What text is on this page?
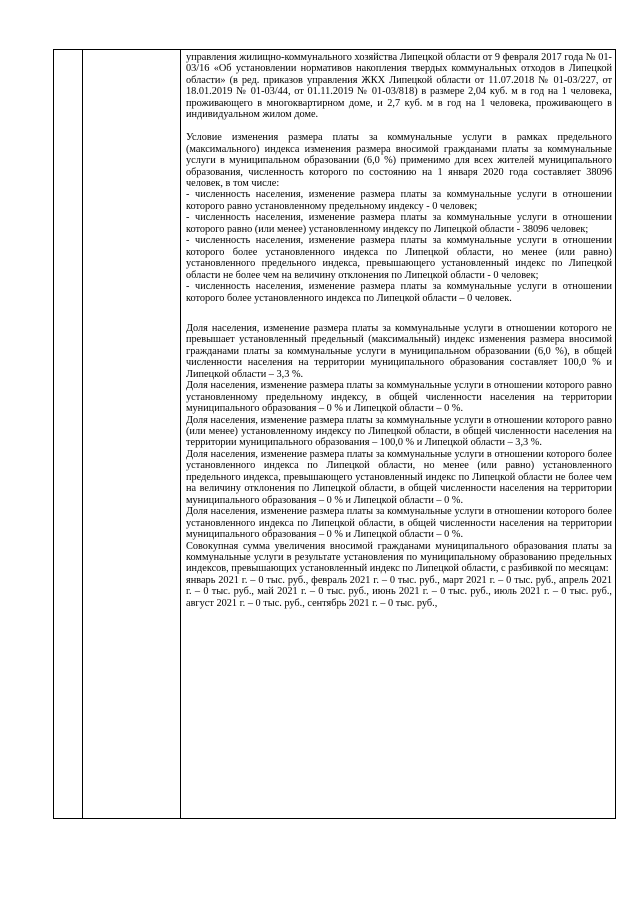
управления жилищно-коммунального хозяйства Липецкой области от 9 февраля 2017 года № 01-03/16 «Об установлении нормативов накопления твердых коммунальных отходов в Липецкой области» (в ред. приказов управления ЖКХ Липецкой области от 11.07.2018 № 01-03/227, от 18.01.2019 № 01-03/44, от 01.11.2019 № 01-03/818) в размере 2,04 куб. м в год на 1 человека, проживающего в многоквартирном доме, и 2,7 куб. м в год на 1 человека, проживающего в индивидуальном жилом доме.

Условие изменения размера платы за коммунальные услуги в рамках предельного (максимального) индекса изменения размера вносимой гражданами платы за коммунальные услуги в муниципальном образовании (6,0 %) применимо для всех жителей муниципального образования, численность которого по состоянию на 1 января 2020 года составляет 38096 человек, в том числе:

- численность населения, изменение размера платы за коммунальные услуги в отношении которого равно установленному предельному индексу - 0 человек;

- численность населения, изменение размера платы за коммунальные услуги в отношении которого равно (или менее) установленному индексу по Липецкой области - 38096 человек;

- численность населения, изменение размера платы за коммунальные услуги в отношении которого более установленного индекса по Липецкой области, но менее (или равно) установленного предельного индекса, превышающего установленный индекс по Липецкой области не более чем на величину отклонения по Липецкой области - 0 человек;

- численность населения, изменение размера платы за коммунальные услуги в отношении которого более установленного индекса по Липецкой области – 0 человек.

Доля населения, изменение размера платы за коммунальные услуги в отношении которого не превышает установленный предельный (максимальный) индекс изменения размера вносимой гражданами платы за коммунальные услуги в муниципальном образовании (6,0 %), в общей численности населения на территории муниципального образования составляет 100,0 % и Липецкой области – 3,3 %.

Доля населения, изменение размера платы за коммунальные услуги в отношении которого равно установленному предельному индексу, в общей численности населения на территории муниципального образования – 0 % и Липецкой области – 0 %.

Доля населения, изменение размера платы за коммунальные услуги в отношении которого равно (или менее) установленному индексу по Липецкой области, в общей численности населения на территории муниципального образования – 100,0 % и Липецкой области – 3,3 %.

Доля населения, изменение размера платы за коммунальные услуги в отношении которого более установленного индекса по Липецкой области, но менее (или равно) установленного предельного индекса, превышающего установленный индекс по Липецкой области не более чем на величину отклонения по Липецкой области, в общей численности населения на территории муниципального образования – 0 % и Липецкой области – 0 %.

Доля населения, изменение размера платы за коммунальные услуги в отношении которого более установленного индекса по Липецкой области, в общей численности населения на территории муниципального образования – 0 % и Липецкой области – 0 %.

Совокупная сумма увеличения вносимой гражданами муниципального образования платы за коммунальные услуги в результате установления по муниципальному образованию предельных индексов, превышающих установленный индекс по Липецкой области, с разбивкой по месяцам:

январь 2021 г. – 0 тыс. руб., февраль 2021 г. – 0 тыс. руб., март 2021 г. – 0 тыс. руб., апрель 2021 г. – 0 тыс. руб., май 2021 г. – 0 тыс. руб., июнь 2021 г. – 0 тыс. руб., июль 2021 г. – 0 тыс. руб., август 2021 г. – 0 тыс. руб., сентябрь 2021 г. – 0 тыс. руб.,
